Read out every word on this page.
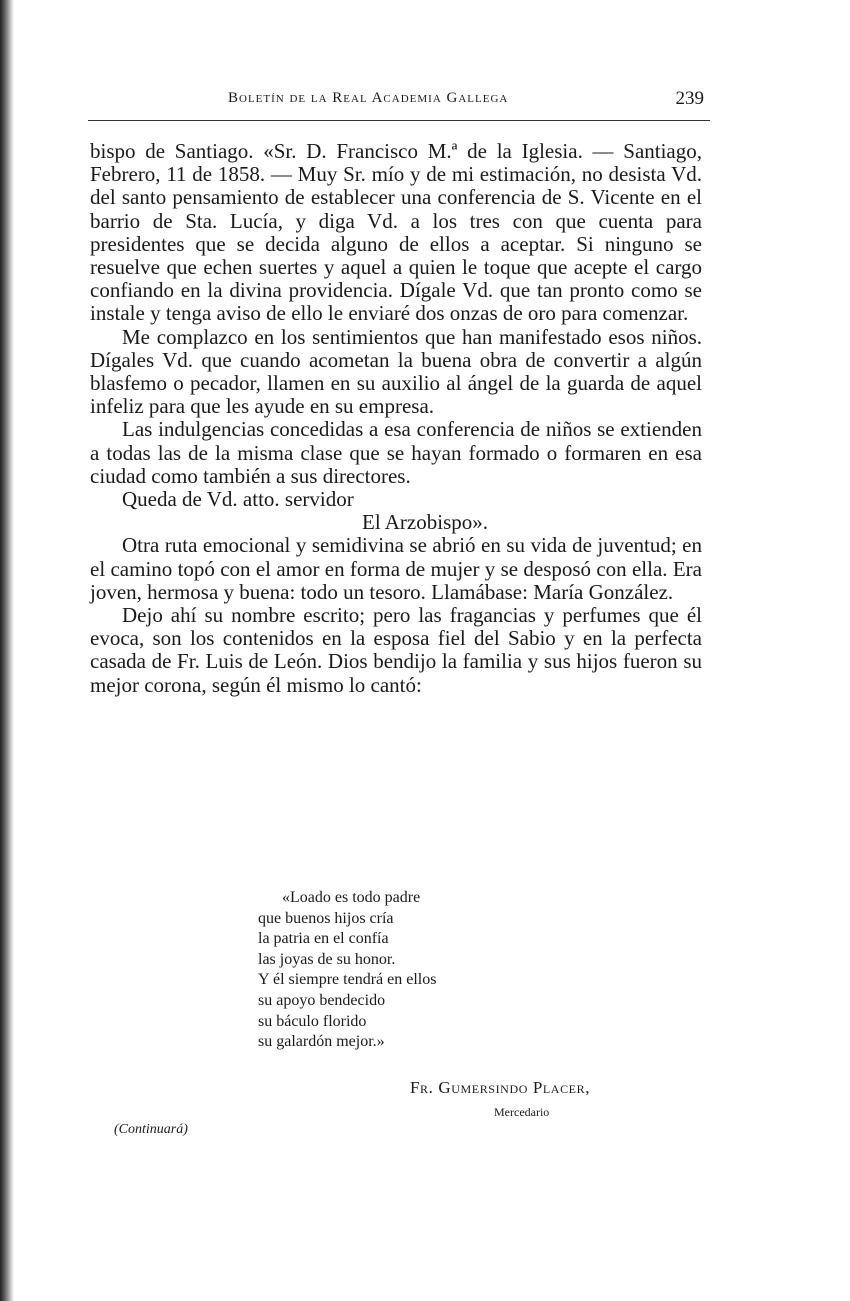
Boletín de la Real Academia Gallega	239

bispo de Santiago. «Sr. D. Francisco M.ª de la Iglesia. — Santiago, Febrero, 11 de 1858. — Muy Sr. mío y de mi estimación, no desista Vd. del santo pensamiento de establecer una conferencia de S. Vicente en el barrio de Sta. Lucía, y diga Vd. a los tres con que cuenta para presidentes que se decida alguno de ellos a aceptar. Si ninguno se resuelve que echen suertes y aquel a quien le toque que acepte el cargo confiando en la divina providencia. Dígale Vd. que tan pronto como se instale y tenga aviso de ello le enviaré dos onzas de oro para comenzar.

Me complazco en los sentimientos que han manifestado esos niños. Dígales Vd. que cuando acometan la buena obra de convertir a algún blasfemo o pecador, llamen en su auxilio al ángel de la guarda de aquel infeliz para que les ayude en su empresa.

Las indulgencias concedidas a esa conferencia de niños se extienden a todas las de la misma clase que se hayan formado o formaren en esa ciudad como también a sus directores.

Queda de Vd. atto. servidor

El Arzobispo».

Otra ruta emocional y semidivina se abrió en su vida de juventud; en el camino topó con el amor en forma de mujer y se desposó con ella. Era joven, hermosa y buena: todo un tesoro. Llamábase: María González.

Dejo ahí su nombre escrito; pero las fragancias y perfumes que él evoca, son los contenidos en la esposa fiel del Sabio y en la perfecta casada de Fr. Luis de León. Dios bendijo la familia y sus hijos fueron su mejor corona, según él mismo lo cantó:

«Loado es todo padre
que buenos hijos cría
la patria en el confía
las joyas de su honor.
Y él siempre tendrá en ellos
su apoyo bendecido
su báculo florido
su galardón mejor.»
Fr. Gumersindo Placer,
Mercedario
(Continuará)
